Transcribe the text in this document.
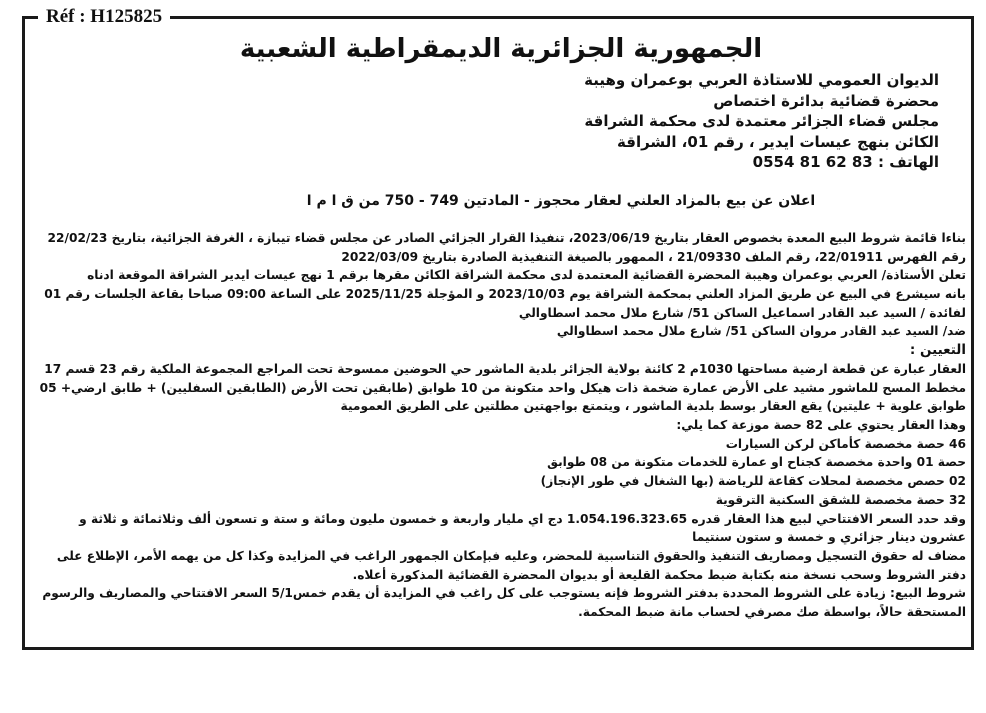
Réf : H125825
الجمهورية الجزائرية الديمقراطية الشعبية
الديوان العمومي للاستاذة العربي بوعمران وهيبة
محضرة قضائية بدائرة اختصاص
مجلس قضاء الجزائر معتمدة لدى محكمة الشراقة
الكائن بنهج عيسات ايدير ، رقم 01، الشراقة
الهاتف : 83 62 81 0554
اعلان عن بيع بالمزاد العلني لعقار محجوز - المادتين 749 - 750 من ق ا م ا

بناءا قائمة شروط البيع المعدة بخصوص العقار بتاريخ 2023/06/19، تنفيذا القرار الجزائي الصادر عن مجلس قضاء تيبازة ، الغرفة الجزائية، بتاريخ 22/02/23 رقم الفهرس 22/01911، رقم الملف 21/09330 ، الممهور بالصيغة التنفيذية الصادرة بتاريخ 2022/03/09

تعلن الأستاذة/ العربي بوعمران وهيبة المحضرة القضائية المعتمدة لدى محكمة الشراقة الكائن مقرها برقم 1 نهج عيسات ايدير الشراقة الموقعة ادناه

بانه سيشرع في البيع عن طريق المزاد العلني بمحكمة الشراقة يوم 2023/10/03 و المؤجلة 2025/11/25 على الساعة 09:00 صباحا بقاعة الجلسات رقم 01

لفائدة / السيد عبد القادر اسماعيل الساكن 51/ شارع ملال محمد اسطاوالي

ضد/ السيد عبد القادر مروان الساكن 51/ شارع ملال محمد اسطاوالي

التعيين :

العقار عبارة عن قطعة ارضية مساحتها 1030م 2 كائنة بولاية الجزائر بلدية الماشور حي الحوضين ممسوحة تحت المراجع المجموعة الملكية رقم 23 قسم 17 مخطط المسح للماشور مشيد على الأرض عمارة ضخمة ذات هيكل واحد متكونة من 10 طوابق (طابقين تحت الأرض (الطابقين السفليين) + طابق ارضي+ 05 طوابق علوية + عليتين) يقع العقار بوسط بلدية الماشور ، ويتمتع بواجهتين مطلتين على الطريق العمومية

وهذا العقار يحتوي على 82 حصة موزعة كما يلي:

46 حصة مخصصة كأماكن لركن السيارات

حصة 01 واحدة مخصصة كجناح او عمارة للخدمات متكونة من 08 طوابق

02 حصص مخصصة لمحلات كقاعة للرياضة (بها الشغال في طور الإنجاز)

32 حصة مخصصة للشقق السكنية الترقوية

وقد حدد السعر الافتتاحي لبيع هذا العقار قدره 1.054.196.323.65 دج اي مليار واربعة و خمسون مليون ومائة و ستة و تسعون ألف وثلاثمائة و ثلاثة و عشرون دينار جزائري و خمسة و ستون سنتيما

مضاف له حقوق التسجيل ومصاريف التنفيذ والحقوق التناسبية للمحضر، وعليه فبإمكان الجمهور الراغب في المزايدة وكذا كل من يهمه الأمر، الإطلاع على دفتر الشروط وسحب نسخة منه بكتابة ضبط محكمة القليعة أو بديوان المحضرة القضائية المذكورة أعلاه.

شروط البيع: زيادة على الشروط المحددة بدفتر الشروط فإنه يستوجب على كل راغب في المزايدة أن يقدم خمس5/1 السعر الافتتاحي والمصاريف والرسوم المستحقة حالاً، بواسطة صك مصرفي لحساب مانة ضبط المحكمة.
